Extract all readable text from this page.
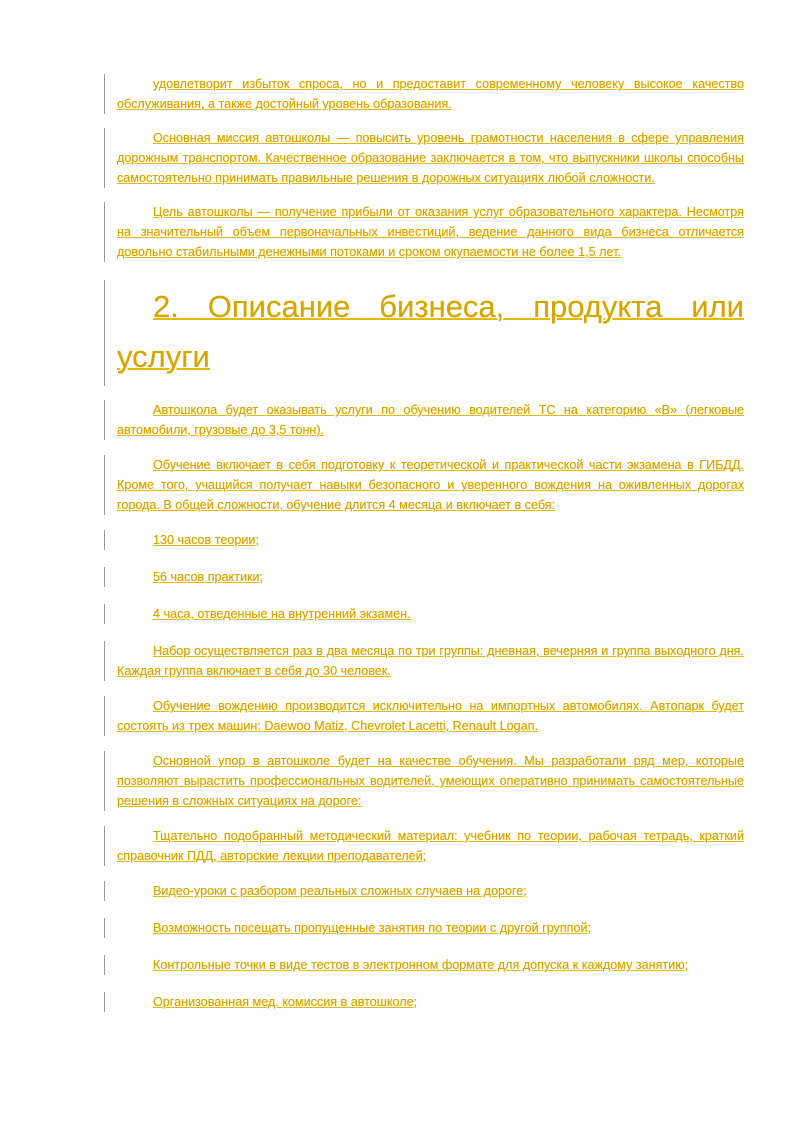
удовлетворит избыток спроса, но и предоставит современному человеку высокое качество обслуживания, а также достойный уровень образования.

Основная миссия автошколы — повысить уровень грамотности населения в сфере управления дорожным транспортом. Качественное образование заключается в том, что выпускники школы способны самостоятельно принимать правильные решения в дорожных ситуациях любой сложности.

Цель автошколы — получение прибыли от оказания услуг образовательного характера. Несмотря на значительный объем первоначальных инвестиций, ведение данного вида бизнеса отличается довольно стабильными денежными потоками и сроком окупаемости не более 1,5 лет.

2. Описание бизнеса, продукта или услуги

Автошкола будет оказывать услуги по обучению водителей ТС на категорию «В» (легковые автомобили, грузовые до 3,5 тонн).

Обучение включает в себя подготовку к теоретической и практической части экзамена в ГИБДД. Кроме того, учащийся получает навыки безопасного и уверенного вождения на оживленных дорогах города. В общей сложности, обучение длится 4 месяца и включает в себя:

130 часов теории;

56 часов практики;

4 часа, отведенные на внутренний экзамен.

Набор осуществляется раз в два месяца по три группы: дневная, вечерняя и группа выходного дня. Каждая группа включает в себя до 30 человек.

Обучение вождению производится исключительно на импортных автомобилях. Автопарк будет состоять из трех машин: Daewoo Matiz, Chevrolet Lacetti, Renault Logan.

Основной упор в автошколе будет на качестве обучения. Мы разработали ряд мер, которые позволяют вырастить профессиональных водителей, умеющих оперативно принимать самостоятельные решения в сложных ситуациях на дороге:

Тщательно подобранный методический материал: учебник по теории, рабочая тетрадь, краткий справочник ПДД, авторские лекции преподавателей;

Видео-уроки с разбором реальных сложных случаев на дороге;

Возможность посещать пропущенные занятия по теории с другой группой;

Контрольные точки в виде тестов в электронном формате для допуска к каждому занятию;

Организованная мед. комиссия в автошколе;
